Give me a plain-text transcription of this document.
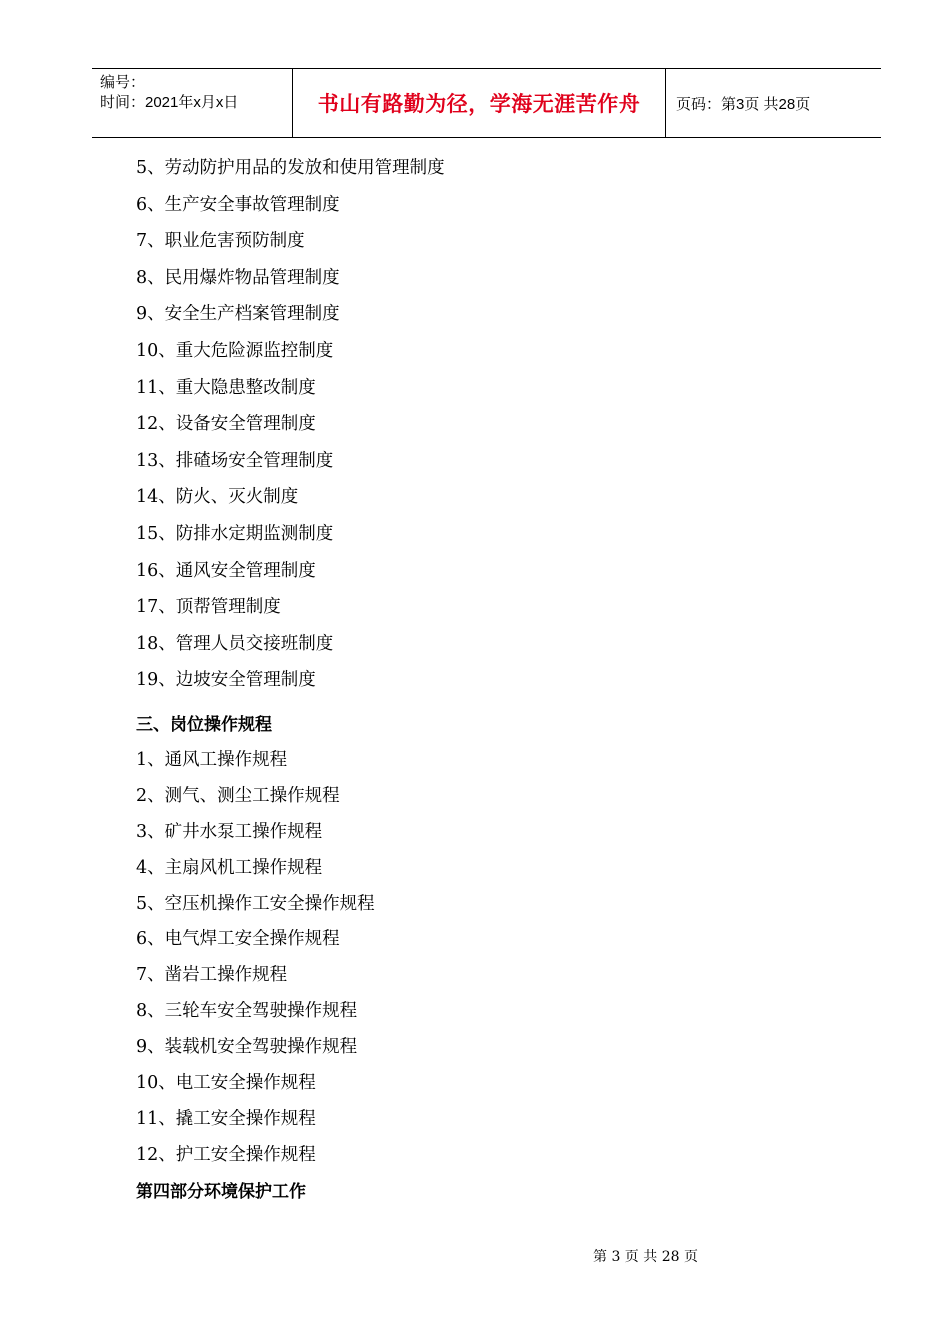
编号：
时间：2021年x月x日	书山有路勤为径，学海无涯苦作舟	页码：第3页 共28页
5、劳动防护用品的发放和使用管理制度
6、生产安全事故管理制度
7、职业危害预防制度
8、民用爆炸物品管理制度
9、安全生产档案管理制度
10、重大危险源监控制度
11、重大隐患整改制度
12、设备安全管理制度
13、排碴场安全管理制度
14、防火、灭火制度
15、防排水定期监测制度
16、通风安全管理制度
17、顶帮管理制度
18、管理人员交接班制度
19、边坡安全管理制度
三、岗位操作规程
1、通风工操作规程
2、测气、测尘工操作规程
3、矿井水泵工操作规程
4、主扇风机工操作规程
5、空压机操作工安全操作规程
6、电气焊工安全操作规程
7、凿岩工操作规程
8、三轮车安全驾驶操作规程
9、装载机安全驾驶操作规程
10、电工安全操作规程
11、撬工安全操作规程
12、护工安全操作规程
第四部分环境保护工作
第 3 页 共 28 页
